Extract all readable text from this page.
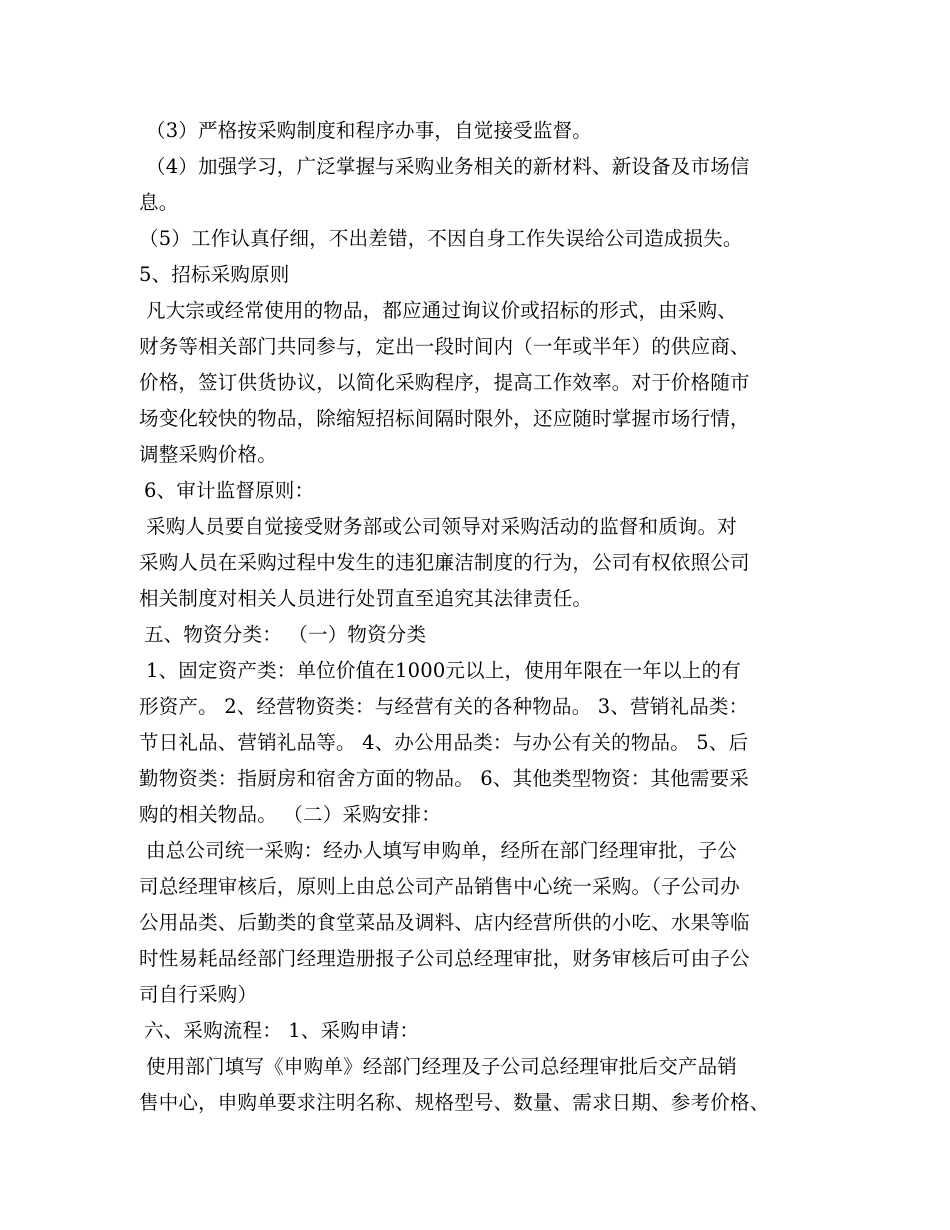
（3）严格按采购制度和程序办事，自觉接受监督。
（4）加强学习，广泛掌握与采购业务相关的新材料、新设备及市场信
息。
（5）工作认真仔细，不出差错，不因自身工作失误给公司造成损失。
5、招标采购原则
凡大宗或经常使用的物品，都应通过询议价或招标的形式，由采购、
财务等相关部门共同参与，定出一段时间内（一年或半年）的供应商、
价格，签订供货协议，以简化采购程序，提高工作效率。对于价格随市
场变化较快的物品，除缩短招标间隔时限外，还应随时掌握市场行情，
调整采购价格。
6、审计监督原则：
采购人员要自觉接受财务部或公司领导对采购活动的监督和质询。对
采购人员在采购过程中发生的违犯廉洁制度的行为，公司有权依照公司
相关制度对相关人员进行处罚直至追究其法律责任。
五、物资分类： （一）物资分类
1、固定资产类：单位价值在1000元以上，使用年限在一年以上的有
形资产。 2、经营物资类：与经营有关的各种物品。 3、营销礼品类：
节日礼品、营销礼品等。 4、办公用品类：与办公有关的物品。 5、后
勤物资类：指厨房和宿舍方面的物品。 6、其他类型物资：其他需要采
购的相关物品。 （二）采购安排：
由总公司统一采购：经办人填写申购单，经所在部门经理审批，子公
司总经理审核后，原则上由总公司产品销售中心统一采购。（子公司办
公用品类、后勤类的食堂菜品及调料、店内经营所供的小吃、水果等临
时性易耗品经部门经理造册报子公司总经理审批，财务审核后可由子公
司自行采购）
六、采购流程： 1、采购申请：
使用部门填写《申购单》经部门经理及子公司总经理审批后交产品销
售中心，申购单要求注明名称、规格型号、数量、需求日期、参考价格、
